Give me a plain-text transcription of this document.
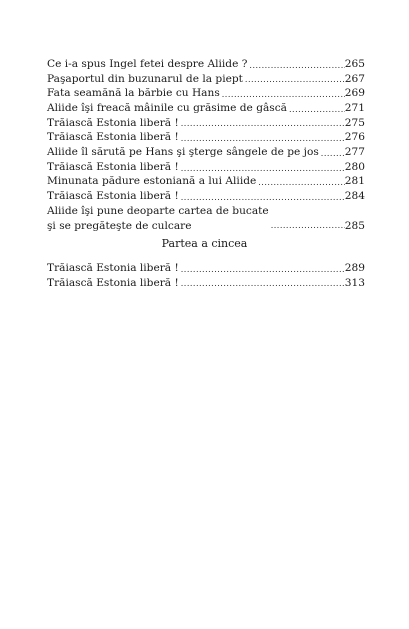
Ce i-a spus Ingel fetei despre Aliide ? .....	265
Paşaportul din buzunarul de la piept .....	267
Fata seamănă la bărbie cu Hans .....	269
Aliide îşi freacă mâinile cu grăsime de gâscă .....	271
Trăiască Estonia liberă ! .....	275
Trăiască Estonia liberă ! .....	276
Aliide îl sărută pe Hans şi şterge sângele de pe jos ..... 277
Trăiască Estonia liberă ! .....	280
Minunata pădure estoniană a lui Aliide .....	281
Trăiască Estonia liberă ! .....	284
Aliide îşi pune deoparte cartea de bucate
şi se pregăteşte de culcare .....	285
Partea a cincea
Trăiască Estonia liberă ! .....	289
Trăiască Estonia liberă ! .....	313
